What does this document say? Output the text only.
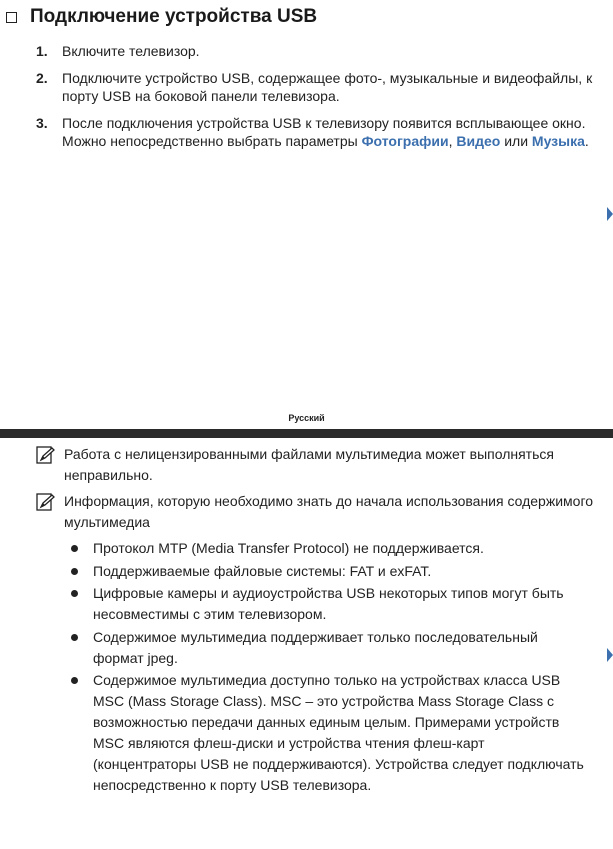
Подключение устройства USB
1.	Включите телевизор.
2.	Подключите устройство USB, содержащее фото-, музыкальные и видеофайлы, к порту USB на боковой панели телевизора.
3.	После подключения устройства USB к телевизору появится всплывающее окно. Можно непосредственно выбрать параметры Фотографии, Видео или Музыка.
Русский
Работа с нелицензированными файлами мультимедиа может выполняться неправильно.
Информация, которую необходимо знать до начала использования содержимого мультимедиа
Протокол MTP (Media Transfer Protocol) не поддерживается.
Поддерживаемые файловые системы: FAT и exFAT.
Цифровые камеры и аудиоустройства USB некоторых типов могут быть несовместимы с этим телевизором.
Содержимое мультимедиа поддерживает только последовательный формат jpeg.
Содержимое мультимедиа доступно только на устройствах класса USB MSC (Mass Storage Class). MSC – это устройства Mass Storage Class с возможностью передачи данных единым целым. Примерами устройств MSC являются флеш-диски и устройства чтения флеш-карт (концентраторы USB не поддерживаются). Устройства следует подключать непосредственно к порту USB телевизора.
